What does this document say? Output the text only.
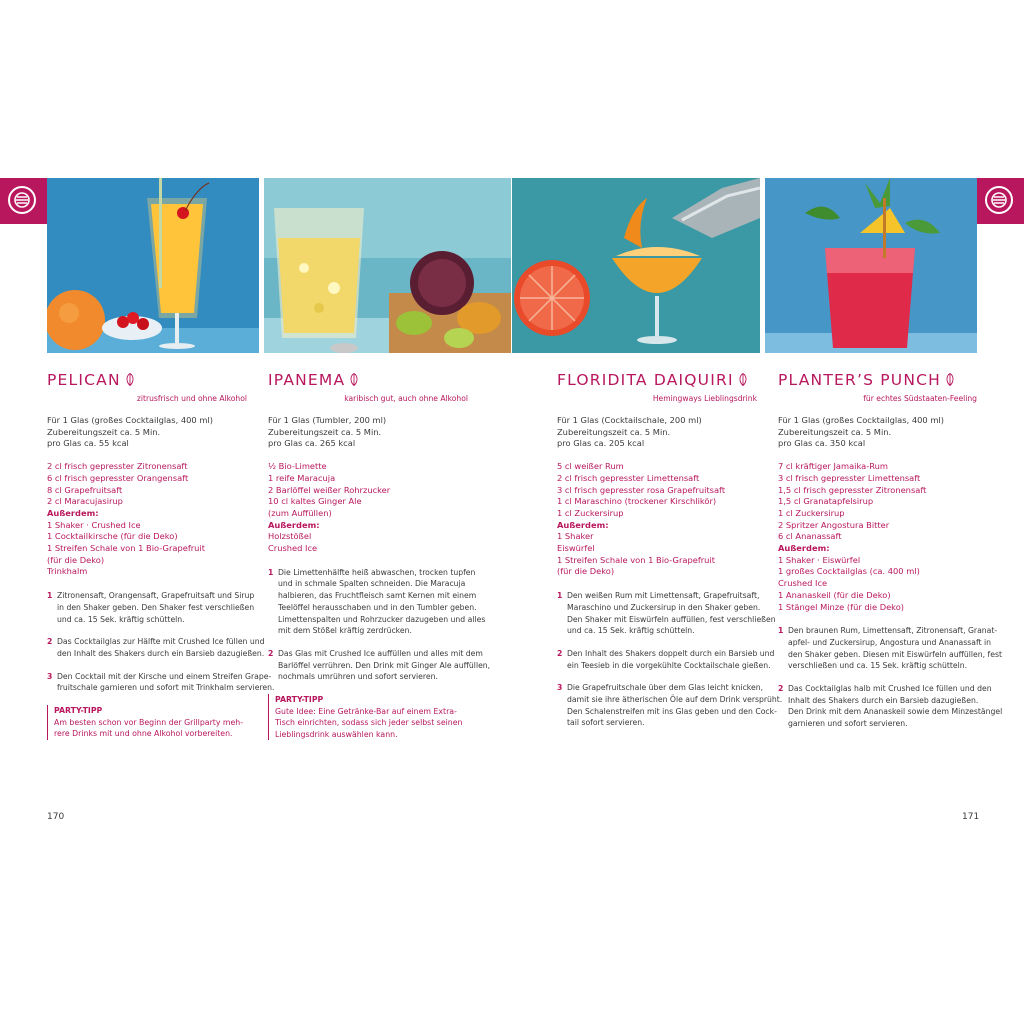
PELICAN
zitrusfrisch und ohne Alkohol
Für 1 Glas (großes Cocktailglas, 400 ml)
Zubereitungszeit ca. 5 Min.
pro Glas ca. 55 kcal
2 cl frisch gepresster Zitronensaft
6 cl frisch gepresster Orangensaft
8 cl Grapefruitsaft
2 cl Maracujasirup
Außerdem:
1 Shaker · Crushed Ice
1 Cocktailkirsche (für die Deko)
1 Streifen Schale von 1 Bio-Grapefruit
(für die Deko)
Trinkhalm
1 Zitronensaft, Orangensaft, Grapefruitsaft und Sirup
in den Shaker geben. Den Shaker fest verschließen
und ca. 15 Sek. kräftig schütteln.
2 Das Cocktailglas zur Hälfte mit Crushed Ice füllen und
den Inhalt des Shakers durch ein Barsieb dazugießen.
3 Den Cocktail mit der Kirsche und einem Streifen Grape-
fruitschale garnieren und sofort mit Trinkhalm servieren.
PARTY-TIPP
Am besten schon vor Beginn der Grillparty meh-
rere Drinks mit und ohne Alkohol vorbereiten.
IPANEMA
karibisch gut, auch ohne Alkohol
Für 1 Glas (Tumbler, 200 ml)
Zubereitungszeit ca. 5 Min.
pro Glas ca. 265 kcal
½ Bio-Limette
1 reife Maracuja
2 Barlöffel weißer Rohrzucker
10 cl kaltes Ginger Ale
(zum Auffüllen)
Außerdem:
Holzstößel
Crushed Ice
1 Die Limettenhälfte heiß abwaschen, trocken tupfen
und in schmale Spalten schneiden. Die Maracuja
halbieren, das Fruchtfleisch samt Kernen mit einem
Teelöffel herausschaben und in den Tumbler geben.
Limettenspalten und Rohrzucker dazugeben und alles
mit dem Stößel kräftig zerdrücken.
2 Das Glas mit Crushed Ice auffüllen und alles mit dem
Barlöffel verrühren. Den Drink mit Ginger Ale auffüllen,
nochmals umrühren und sofort servieren.
PARTY-TIPP
Gute Idee: Eine Getränke-Bar auf einem Extra-
Tisch einrichten, sodass sich jeder selbst seinen
Lieblingsdrink auswählen kann.
FLORIDITA DAIQUIRI
Hemingways Lieblingsdrink
Für 1 Glas (Cocktailschale, 200 ml)
Zubereitungszeit ca. 5 Min.
pro Glas ca. 205 kcal
5 cl weißer Rum
2 cl frisch gepresster Limettensaft
3 cl frisch gepresster rosa Grapefruitsaft
1 cl Maraschino (trockener Kirschlikör)
1 cl Zuckersirup
Außerdem:
1 Shaker
Eiswürfel
1 Streifen Schale von 1 Bio-Grapefruit
(für die Deko)
1 Den weißen Rum mit Limettensaft, Grapefruitsaft,
Maraschino und Zuckersirup in den Shaker geben.
Den Shaker mit Eiswürfeln auffüllen, fest verschließen
und ca. 15 Sek. kräftig schütteln.
2 Den Inhalt des Shakers doppelt durch ein Barsieb und
ein Teesieb in die vorgekühlte Cocktailschale gießen.
3 Die Grapefruitschale über dem Glas leicht knicken,
damit sie ihre ätherischen Öle auf dem Drink versprüht.
Den Schalenstreifen mit ins Glas geben und den Cock-
tail sofort servieren.
PLANTER’S PUNCH
für echtes Südstaaten-Feeling
Für 1 Glas (großes Cocktailglas, 400 ml)
Zubereitungszeit ca. 5 Min.
pro Glas ca. 350 kcal
7 cl kräftiger Jamaika-Rum
3 cl frisch gepresster Limettensaft
1,5 cl frisch gepresster Zitronensaft
1,5 cl Granatapfelsirup
1 cl Zuckersirup
2 Spritzer Angostura Bitter
6 cl Ananassaft
Außerdem:
1 Shaker · Eiswürfel
1 großes Cocktailglas (ca. 400 ml)
Crushed Ice
1 Ananaskeil (für die Deko)
1 Stängel Minze (für die Deko)
1 Den braunen Rum, Limettensaft, Zitronensaft, Granat-
apfel- und Zuckersirup, Angostura und Ananassaft in
den Shaker geben. Diesen mit Eiswürfeln auffüllen, fest
verschließen und ca. 15 Sek. kräftig schütteln.
2 Das Cocktailglas halb mit Crushed Ice füllen und den
Inhalt des Shakers durch ein Barsieb dazugießen.
Den Drink mit dem Ananaskeil sowie dem Minzestängel
garnieren und sofort servieren.
170	171
